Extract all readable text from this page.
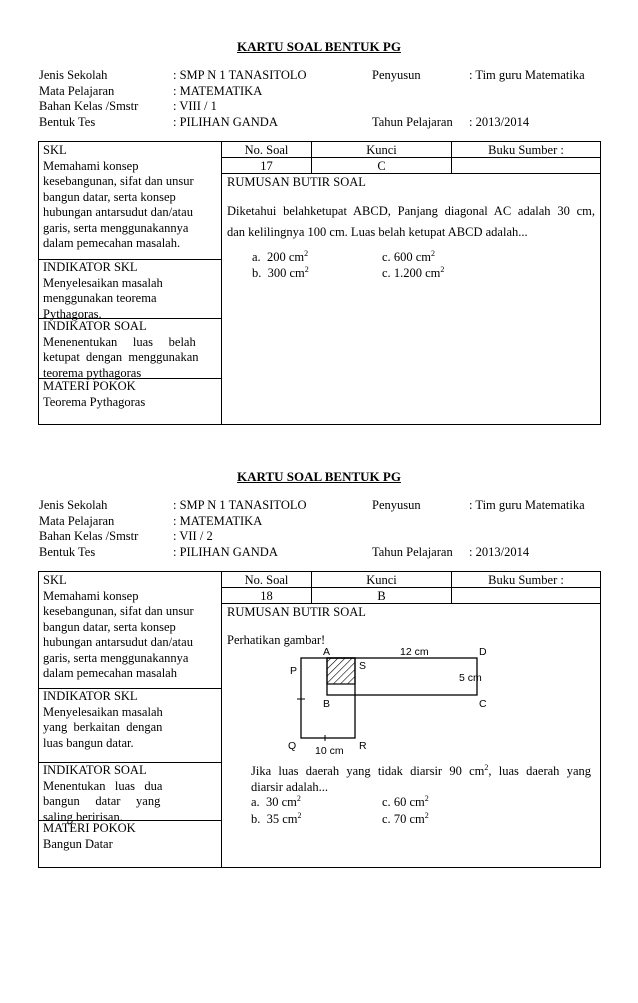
KARTU SOAL BENTUK PG
Jenis Sekolah	: SMP N 1 TANASITOLO	Penyusun	: Tim guru Matematika
Mata Pelajaran	: MATEMATIKA
Bahan Kelas /Smstr	: VIII / 1
Bentuk Tes	: PILIHAN GANDA	Tahun Pelajaran : 2013/2014
SKL
Memahami konsep
kesebangunan, sifat dan unsur
bangun datar, serta konsep
hubungan antarsudut dan/atau
garis, serta menggunakannya
dalam pemecahan masalah.
INDIKATOR SKL
Menyelesaikan masalah
menggunakan teorema
Pythagoras.
INDIKATOR SOAL
Menenentukan     luas     belah
ketupat  dengan  menggunakan
teorema pythagoras
MATERI POKOK
Teorema Pythagoras
No. Soal	Kunci	Buku Sumber :
17	C
RUMUSAN BUTIR SOAL
Diketahui belahketupat ABCD, Panjang diagonal AC adalah 30 cm,
dan kelilingnya 100 cm. Luas belah ketupat ABCD adalah...
a. 200 $cm^2$
b. 300 $cm^2$
c. 600 $cm^2$
c. 1.200 $cm^2$
KARTU SOAL BENTUK PG
Jenis Sekolah	: SMP N 1 TANASITOLO	Penyusun	: Tim guru Matematika
Mata Pelajaran	: MATEMATIKA
Bahan Kelas /Smstr	: VII / 2
Bentuk Tes	: PILIHAN GANDA	Tahun Pelajaran : 2013/2014
SKL
Memahami konsep
kesebangunan, sifat dan unsur
bangun datar, serta konsep
hubungan antarsudut dan/atau
garis, serta menggunakannya
dalam pemecahan masalah
INDIKATOR SKL
Menyelesaikan masalah
yang  berkaitan  dengan
luas bangun datar.
INDIKATOR SOAL
Menentukan   luas   dua
bangun     datar     yang
saling beririsan.
MATERI POKOK
Bangun Datar
No. Soal	Kunci	Buku Sumber :
18	B
RUMUSAN BUTIR SOAL
Perhatikan gambar!
A	D
P	S
B	C
Q	R
12 cm
5 cm
10 cm
Jika luas daerah yang tidak diarsir 90 $cm^2$, luas daerah yang
diarsir adalah...
a. 30 $cm^2$
b. 35 $cm^2$
c. 60 $cm^2$
c. 70 $cm^2$
